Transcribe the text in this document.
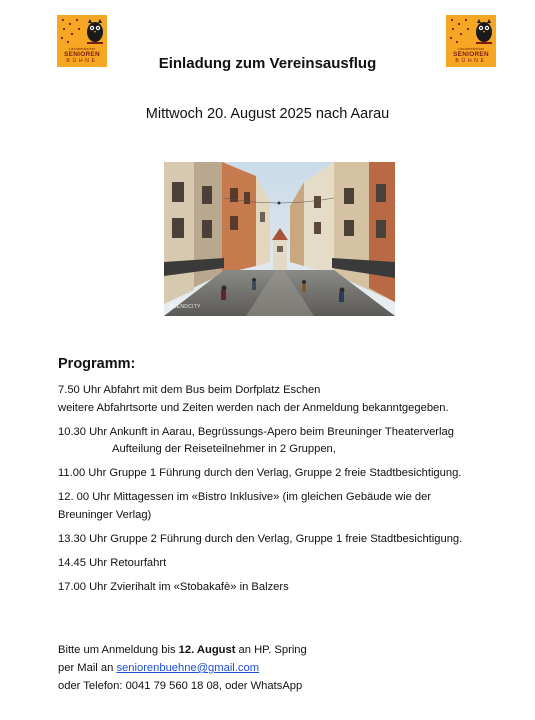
Liechtensteiner
SENIOREN
BÜHNE
Liechtensteiner
SENIOREN
BÜHNE
Einladung zum Vereinsausflug
Mittwoch 20. August 2025 nach Aarau
BLENDCITY
Programm:
7.50 Uhr Abfahrt mit dem Bus beim Dorfplatz Eschen
weitere Abfahrtsorte und Zeiten werden nach der Anmeldung bekanntgegeben.
10.30 Uhr Ankunft in Aarau, Begrüssungs-Apero beim Breuninger Theaterverlag
Aufteilung der Reiseteilnehmer in 2 Gruppen,
11.00 Uhr Gruppe 1 Führung durch den Verlag, Gruppe 2 freie Stadtbesichtigung.
12. 00 Uhr Mittagessen im «Bistro Inklusive» (im gleichen Gebäude wie der
Breuninger Verlag)
13.30 Uhr Gruppe 2 Führung durch den Verlag, Gruppe 1 freie Stadtbesichtigung.
14.45 Uhr Retourfahrt
17.00 Uhr Zvierihalt im «Stobakafè» in Balzers
Bitte um Anmeldung bis 12. August an HP. Spring
per Mail an seniorenbuehne@gmail.com
oder Telefon: 0041 79 560 18 08, oder WhatsApp
